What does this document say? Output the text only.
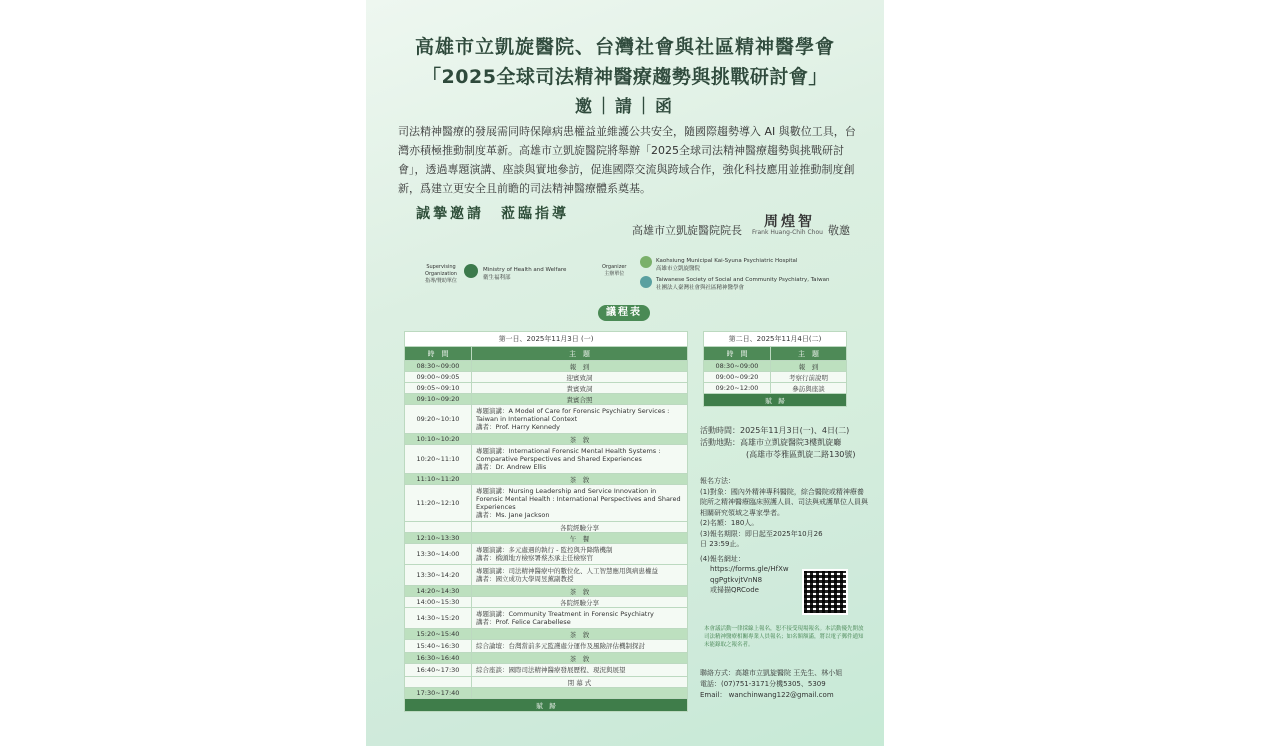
高雄市立凱旋醫院、台灣社會與社區精神醫學會
「2025全球司法精神醫療趨勢與挑戰研討會」
邀｜請｜函
司法精神醫療的發展需同時保障病患權益並維護公共安全，隨國際趨勢導入 AI 與數位工具，台灣亦積極推動制度革新。高雄市立凱旋醫院將舉辦「2025全球司法精神醫療趨勢與挑戰研討會」，透過專題演講、座談與實地參訪，促進國際交流與跨域合作，強化科技應用並推動制度創新，爲建立更安全且前瞻的司法精神醫療體系奠基。
誠摯邀請　蒞臨指導
高雄市立凱旋醫院院長
周煌智
Frank Huang-Chih Chou 敬邀
Supervising Organization
指導/贊助單位
Ministry of Health and Welfare
衛生福利部
Organizer
主辦單位
Kaohsiung Municipal Kai-Syuna Psychiatric Hospital
高雄市立凱旋醫院
Taiwanese Society of Social and Community Psychiatry, Taiwan
社團法人臺灣社會與社區精神醫學會
議程表
第一日、2025年11月3日 (一)	
時　間	主　題
08:30~09:00	報　到
09:00~09:05	迎賓致詞
09:05~09:10	貴賓致詞
09:10~09:20	貴賓合照
09:20~10:10	專題演講：A Model of Care for Forensic Psychiatry Services : Taiwan in International Context
講者：Prof. Harry Kennedy
10:10~10:20	茶　敘
10:20~11:10	專題演講：International Forensic Mental Health Systems : Comparative Perspectives and Shared Experiences
講者：Dr. Andrew Ellis
11:10~11:20	茶　敘
11:20~12:10	專題演講：Nursing Leadership and Service Innovation in Forensic Mental Health : International Perspectives and Shared Experiences
講者：Ms. Jane Jackson
	各院經驗分享
12:10~13:30	午　餐
13:30~14:00	專題演講：多元處遇的執行 - 監控與升降階機制
講者：橋頭地方檢察署蔡杰承主任檢察官
13:30~14:20	專題演講：司法精神醫療中的數位化、人工智慧應用與病患權益
講者：國立成功大學周昱薰副教授
14:20~14:30	茶　敘
14:00~15:30	各院經驗分享
14:30~15:20	專題演講：Community Treatment in Forensic Psychiatry
講者：Prof. Felice Carabellese
15:20~15:40	茶　敘
15:40~16:30	綜合論壇：台灣當前多元監護處分運作及風險評估機制探討
16:30~16:40	茶　敘
16:40~17:30	綜合座談：國際司法精神醫療發展歷程、現況與展望
	閉 幕 式
17:30~17:40	
賦　歸	
第二日、2025年11月4日(二)	
時　間	主　題
08:30~09:00	報　到
09:00~09:20	考察行前說明
09:20~12:00	參訪與座談
賦　歸	
活動時間：2025年11月3日(一)、4日(二)
活動地點：高雄市立凱旋醫院3樓凱旋廳
(高雄市苓雅區凱旋二路130號)
報名方法：
(1)對象：國內外精神專科醫院，綜合醫院或精神療養院所之精神醫療臨床照護人員、司法與戒護單位人員與相關研究領域之專家學者。
(2)名額：180人。
(3)報名期限：即日起至2025年10月26日 23:59止。
(4)報名網址：
https://forms.gle/HfXwqgPgtkvjtVnN8
或掃描QRCode
本會議活動一律採線上報名，恕不接受現場報名。本活動優先開放司法精神醫療相關專業人員報名；如名額額滿，將以電子郵件通知未能錄取之報名者。
聯絡方式：高雄市立凱旋醫院 王先生、林小姐
電話：(07)751-3171分機5305、5309
Email： wanchinwang122@gmail.com
